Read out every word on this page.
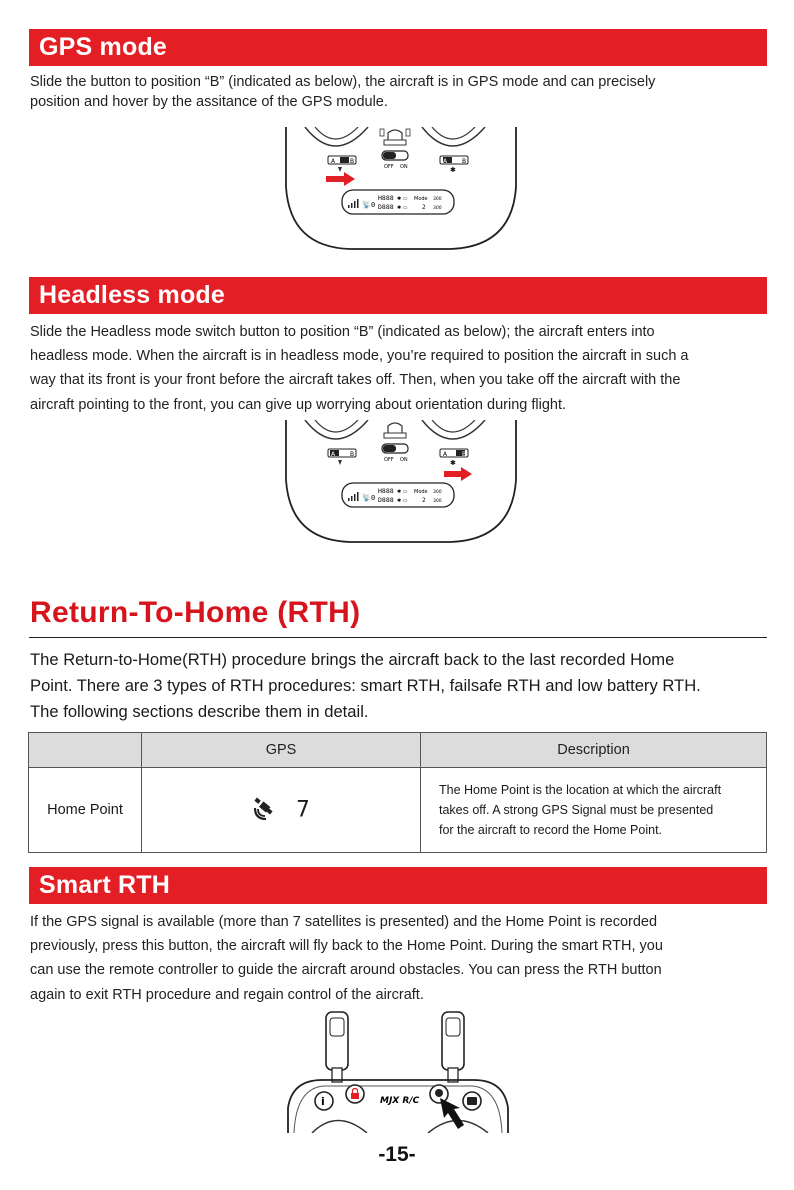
GPS mode

Slide the button to position “B” (indicated as below), the aircraft is in GPS mode and can precisely

position and hover by the assitance of the GPS module.

A B
OFF ON
A B
✱
📡 0
H888
D888
✱ ▭
✱ ▭
Mode 300
2 300
Headless mode

Slide the Headless mode switch button to position “B” (indicated as below); the aircraft enters into

headless mode. When the aircraft is in headless mode, you’re required to position the aircraft in such a

way that its front is your front before the aircraft takes off. Then, when you take off the aircraft with the

aircraft pointing to the front, you can give up worrying about orientation during flight.

A B
OFF ON
A B
✱
📡 0
H888
D888
✱ ▭
✱ ▭
Mode 300
2 300
Return-To-Home (RTH)

The Return-to-Home(RTH) procedure brings the aircraft back to the last recorded Home

Point. There are 3 types of RTH procedures: smart RTH, failsafe RTH and low battery RTH.

The following sections describe them in detail.

	GPS	Description
Home Point	7	The Home Point is the location at which the aircraft
takes off. A strong GPS Signal must be presented
for the aircraft to record the Home Point.
Smart RTH

If the GPS signal is available (more than 7 satellites is presented) and the Home Point is recorded

previously, press this button, the aircraft will fly back to the Home Point. During the smart RTH, you

can use the remote controller to guide the aircraft around obstacles. You can press the RTH button

again to exit RTH procedure and regain control of the aircraft.

i	MJX R/C
-15-
